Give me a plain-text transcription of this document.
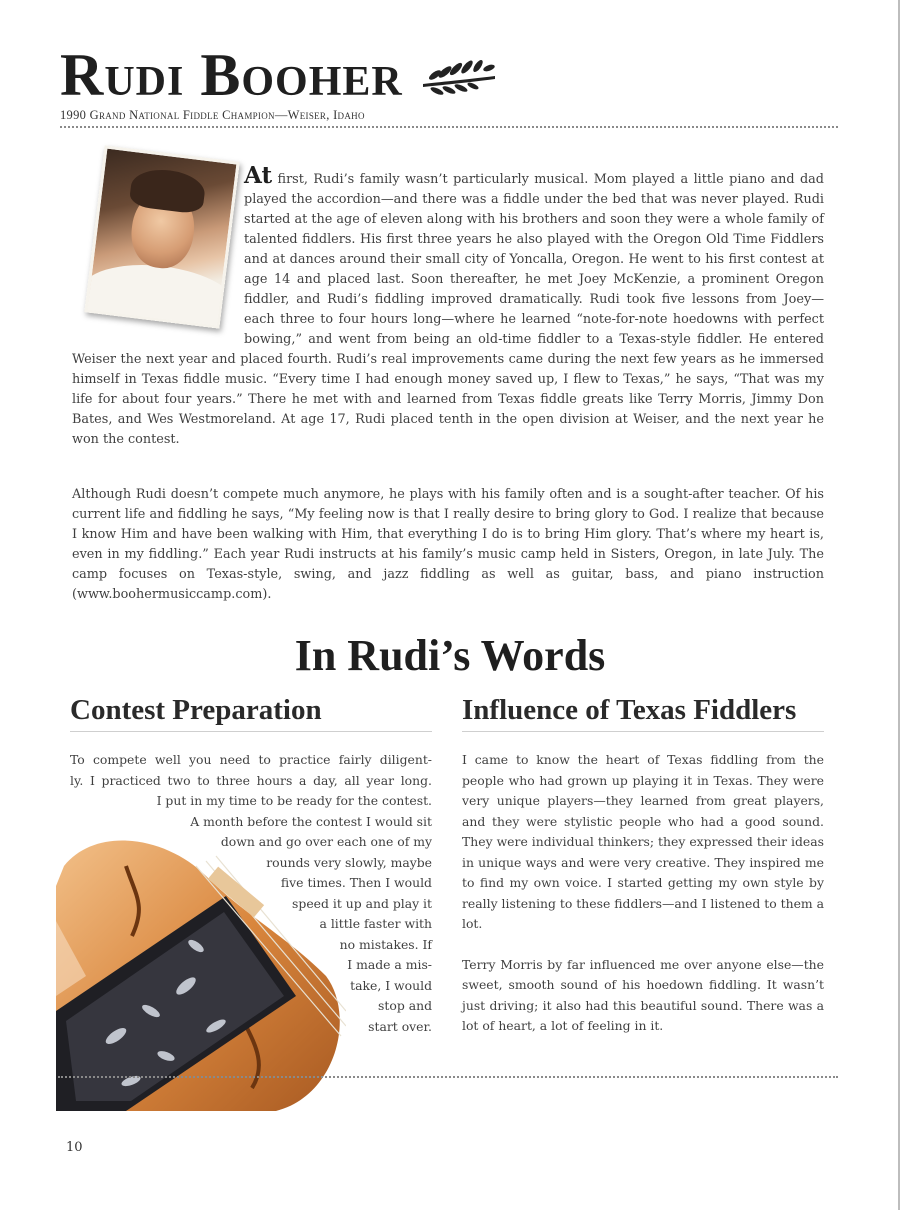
Rudi Booher
1990 Grand National Fiddle Champion—Weiser, Idaho

At first, Rudi’s family wasn’t particularly musical. Mom played a little piano and dad played the accordion—and there was a fiddle under the bed that was never played. Rudi started at the age of eleven along with his brothers and soon they were a whole family of talented fiddlers. His first three years he also played with the Oregon Old Time Fiddlers and at dances around their small city of Yoncalla, Oregon. He went to his first contest at age 14 and placed last. Soon thereafter, he met Joey McKenzie, a prominent Oregon fiddler, and Rudi’s fiddling improved dramatically. Rudi took five lessons from Joey—each three to four hours long—where he learned “note-for-note hoedowns with perfect bowing,” and went from being an old-time fiddler to a Texas-style fiddler. He entered Weiser the next year and placed fourth. Rudi’s real improvements came during the next few years as he immersed himself in Texas fiddle music. “Every time I had enough money saved up, I flew to Texas,” he says, “That was my life for about four years.” There he met with and learned from Texas fiddle greats like Terry Morris, Jimmy Don Bates, and Wes Westmoreland. At age 17, Rudi placed tenth in the open division at Weiser, and the next year he won the contest.

Although Rudi doesn’t compete much anymore, he plays with his family often and is a sought-after teacher. Of his current life and fiddling he says, “My feeling now is that I really desire to bring glory to God. I realize that because I know Him and have been walking with Him, that everything I do is to bring Him glory. That’s where my heart is, even in my fiddling.” Each year Rudi instructs at his family’s music camp held in Sisters, Oregon, in late July. The camp focuses on Texas-style, swing, and jazz fiddling as well as guitar, bass, and piano instruction (www.boohermusiccamp.com).

In Rudi’s Words
Contest Preparation	Influence of Texas Fiddlers
To compete well you need to practice fairly diligent-
ly. I practiced two to three hours a day, all year long.
I put in my time to be ready for the contest.
A month before the contest I would sit
down and go over each one of my
rounds very slowly, maybe
five times. Then I would
speed it up and play it
a little faster with
no mistakes. If
I made a mis-
take, I would
stop and
start over.

I came to know the heart of Texas fiddling from the people who had grown up playing it in Texas. They were very unique players—they learned from great players, and they were stylistic people who had a good sound. They were individual thinkers; they expressed their ideas in unique ways and were very creative. They inspired me to find my own voice. I started getting my own style by really listening to these fiddlers—and I listened to them a lot.

Terry Morris by far influenced me over anyone else—the sweet, smooth sound of his hoedown fiddling. It wasn’t just driving; it also had this beautiful sound. There was a lot of heart, a lot of feeling in it.

10
